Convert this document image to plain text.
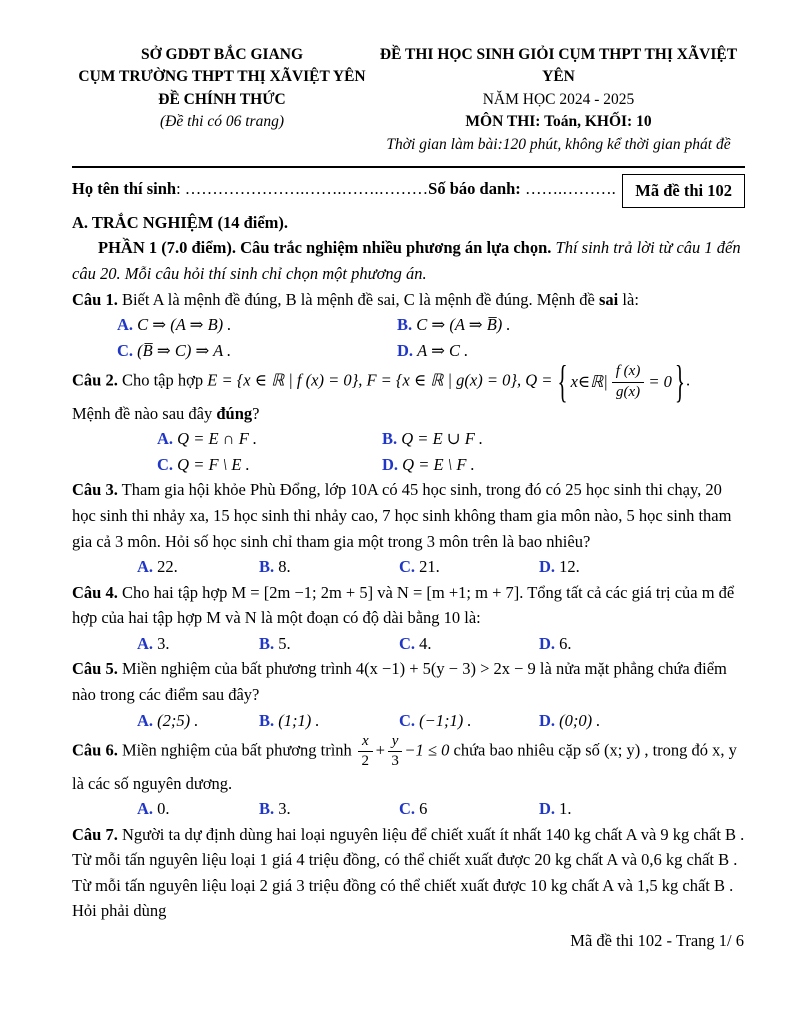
SỞ GDĐT BẮC GIANG
CỤM TRƯỜNG THPT THỊ XÃVIỆT YÊN
ĐỀ CHÍNH THỨC
(Đề thi có 06 trang)
ĐỀ THI HỌC SINH GIỎI CỤM THPT THỊ XÃVIỆT YÊN
NĂM HỌC 2024 - 2025
MÔN THI: Toán, KHỐI: 10
Thời gian làm bài:120 phút, không kể thời gian phát đề
Họ tên thí sinh: ………………….…….…….………Số báo danh: …….……….	Mã đề thi 102
A. TRẮC NGHIỆM (14 điểm).

PHẦN 1 (7.0 điểm). Câu trắc nghiệm nhiều phương án lựa chọn. Thí sinh trả lời từ câu 1 đến câu 20. Mỗi câu hỏi thí sinh chỉ chọn một phương án.

Câu 1. Biết A là mệnh đề đúng, B là mệnh đề sai, C là mệnh đề đúng. Mệnh đề sai là:

A. C ⇒ (A ⇒ B) .	B. C ⇒ (A ⇒ B̅) .
C. (B̅ ⇒ C) ⇒ A .	D. A ⇒ C .

Câu 2. Cho tập hợp E = {x ∈ ℝ | f (x) = 0}, F = {x ∈ ℝ | g(x) = 0}, Q = { x∈ℝ| $\frac{f (x)}{g(x)} = 0$ } .

Mệnh đề nào sau đây đúng?

A. Q = E ∩ F .	B. Q = E ∪ F .
C. Q = F \ E .	D. Q = E \ F .

Câu 3. Tham gia hội khỏe Phù Đổng, lớp 10A có 45 học sinh, trong đó có 25 học sinh thi chạy, 20 học sinh thi nhảy xa, 15 học sinh thi nhảy cao, 7 học sinh không tham gia môn nào, 5 học sinh tham gia cả 3 môn. Hỏi số học sinh chỉ tham gia một trong 3 môn trên là bao nhiêu?

A. 22.	B. 8.	C. 21.	D. 12.

Câu 4. Cho hai tập hợp M = [2m −1; 2m + 5] và N = [m +1; m + 7]. Tổng tất cả các giá trị của m để hợp của hai tập hợp M và N là một đoạn có độ dài bằng 10 là:

A. 3.	B. 5.	C. 4.	D. 6.

Câu 5. Miền nghiệm của bất phương trình 4(x −1) + 5(y − 3) > 2x − 9 là nửa mặt phẳng chứa điểm nào trong các điểm sau đây?

A. (2;5) .	B. (1;1) .	C. (−1;1) .	D. (0;0) .

Câu 6. Miền nghiệm của bất phương trình $\frac{x}{2} + \frac{y}{3} -1 \le 0$ chứa bao nhiêu cặp số (x; y) , trong đó x, y là các số nguyên dương.

A. 0.	B. 3.	C. 6	D. 1.

Câu 7. Người ta dự định dùng hai loại nguyên liệu để chiết xuất ít nhất 140 kg chất A và 9 kg chất B . Từ mỗi tấn nguyên liệu loại 1 giá 4 triệu đồng, có thể chiết xuất được 20 kg chất A và 0,6 kg chất B . Từ mỗi tấn nguyên liệu loại 2 giá 3 triệu đồng có thể chiết xuất được 10 kg chất A và 1,5 kg chất B . Hỏi phải dùng

Mã đề thi 102 - Trang 1/ 6
